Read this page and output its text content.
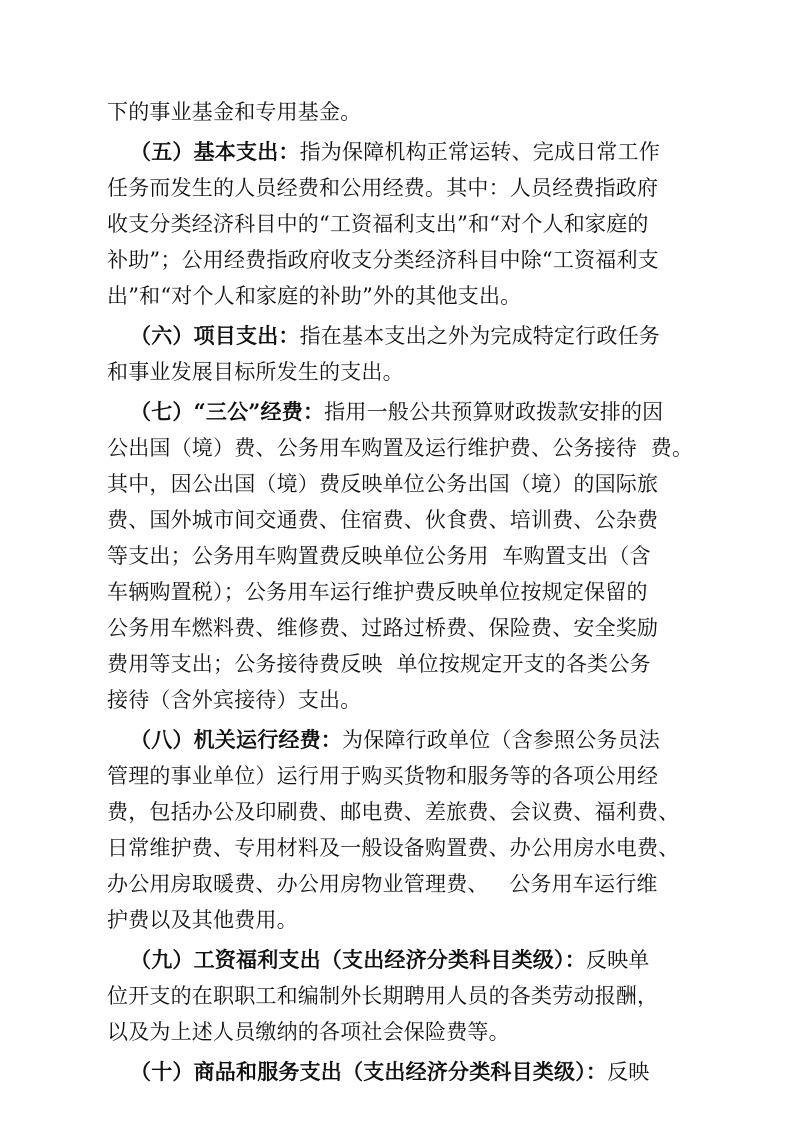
下的事业基金和专用基金。
（五）基本支出：指为保障机构正常运转、完成日常工作
任务而发生的人员经费和公用经费。其中：人员经费指政府
收支分类经济科目中的“工资福利支出”和“对个人和家庭的
补助”；公用经费指政府收支分类经济科目中除“工资福利支
出”和“对个人和家庭的补助”外的其他支出。
（六）项目支出：指在基本支出之外为完成特定行政任务
和事业发展目标所发生的支出。
（七）“三公”经费：指用一般公共预算财政拨款安排的因
公出国（境）费、公务用车购置及运行维护费、公务接待  费。
其中，因公出国（境）费反映单位公务出国（境）的国际旅
费、国外城市间交通费、住宿费、伙食费、培训费、公杂费
等支出；公务用车购置费反映单位公务用  车购置支出（含
车辆购置税）；公务用车运行维护费反映单位按规定保留的
公务用车燃料费、维修费、过路过桥费、保险费、安全奖励
费用等支出；公务接待费反映  单位按规定开支的各类公务
接待（含外宾接待）支出。
（八）机关运行经费：为保障行政单位（含参照公务员法
管理的事业单位）运行用于购买货物和服务等的各项公用经
费，包括办公及印刷费、邮电费、差旅费、会议费、福利费、
日常维护费、专用材料及一般设备购置费、办公用房水电费、
办公用房取暖费、办公用房物业管理费、   公务用车运行维
护费以及其他费用。
（九）工资福利支出（支出经济分类科目类级）：反映单
位开支的在职职工和编制外长期聘用人员的各类劳动报酬，
以及为上述人员缴纳的各项社会保险费等。
（十）商品和服务支出（支出经济分类科目类级）：反映
